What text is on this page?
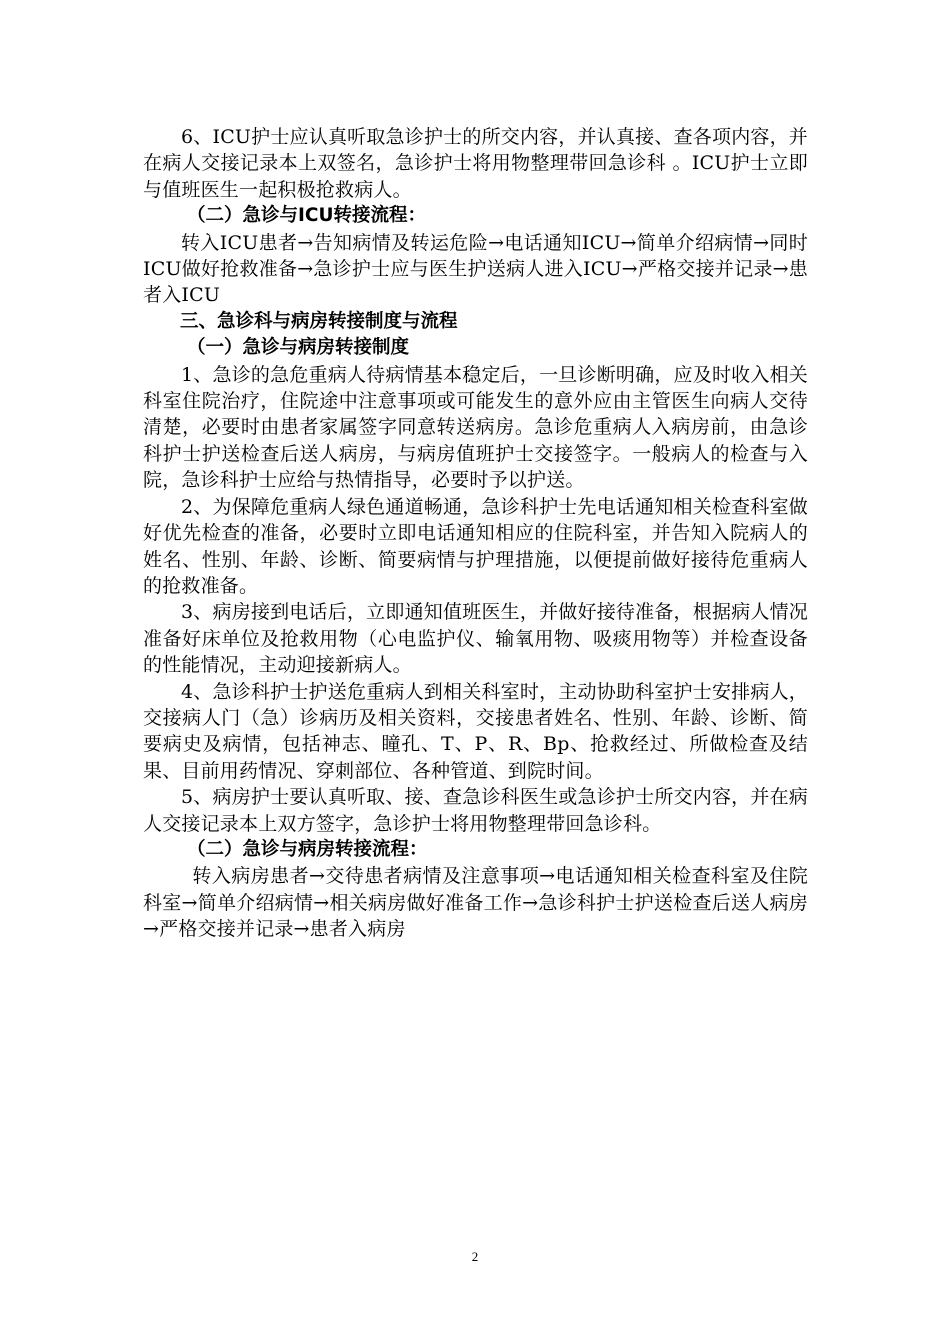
6、ICU护士应认真听取急诊护士的所交内容，并认真接、查各项内容，并在病人交接记录本上双签名，急诊护士将用物整理带回急诊科 。ICU护士立即与值班医生一起积极抢救病人。

（二）急诊与ICU转接流程：

转入ICU患者→告知病情及转运危险→电话通知ICU→简单介绍病情→同时ICU做好抢救准备→急诊护士应与医生护送病人进入ICU→严格交接并记录→患者入ICU

三、急诊科与病房转接制度与流程

（一）急诊与病房转接制度

1、急诊的急危重病人待病情基本稳定后，一旦诊断明确，应及时收入相关科室住院治疗，住院途中注意事项或可能发生的意外应由主管医生向病人交待清楚，必要时由患者家属签字同意转送病房。急诊危重病人入病房前，由急诊科护士护送检查后送人病房，与病房值班护士交接签字。一般病人的检查与入院，急诊科护士应给与热情指导，必要时予以护送。

2、为保障危重病人绿色通道畅通，急诊科护士先电话通知相关检查科室做好优先检查的准备，必要时立即电话通知相应的住院科室，并告知入院病人的姓名、性别、年龄、诊断、简要病情与护理措施，以便提前做好接待危重病人的抢救准备。

3、病房接到电话后，立即通知值班医生，并做好接待准备，根据病人情况准备好床单位及抢救用物（心电监护仪、输氧用物、吸痰用物等）并检查设备的性能情况，主动迎接新病人。

4、急诊科护士护送危重病人到相关科室时，主动协助科室护士安排病人，交接病人门（急）诊病历及相关资料，交接患者姓名、性别、年龄、诊断、简要病史及病情，包括神志、瞳孔、T、P、R、Bp、抢救经过、所做检查及结果、目前用药情况、穿刺部位、各种管道、到院时间。

5、病房护士要认真听取、接、查急诊科医生或急诊护士所交内容，并在病人交接记录本上双方签字，急诊护士将用物整理带回急诊科。

（二）急诊与病房转接流程：

转入病房患者→交待患者病情及注意事项→电话通知相关检查科室及住院科室→简单介绍病情→相关病房做好准备工作→急诊科护士护送检查后送人病房→严格交接并记录→患者入病房

2
